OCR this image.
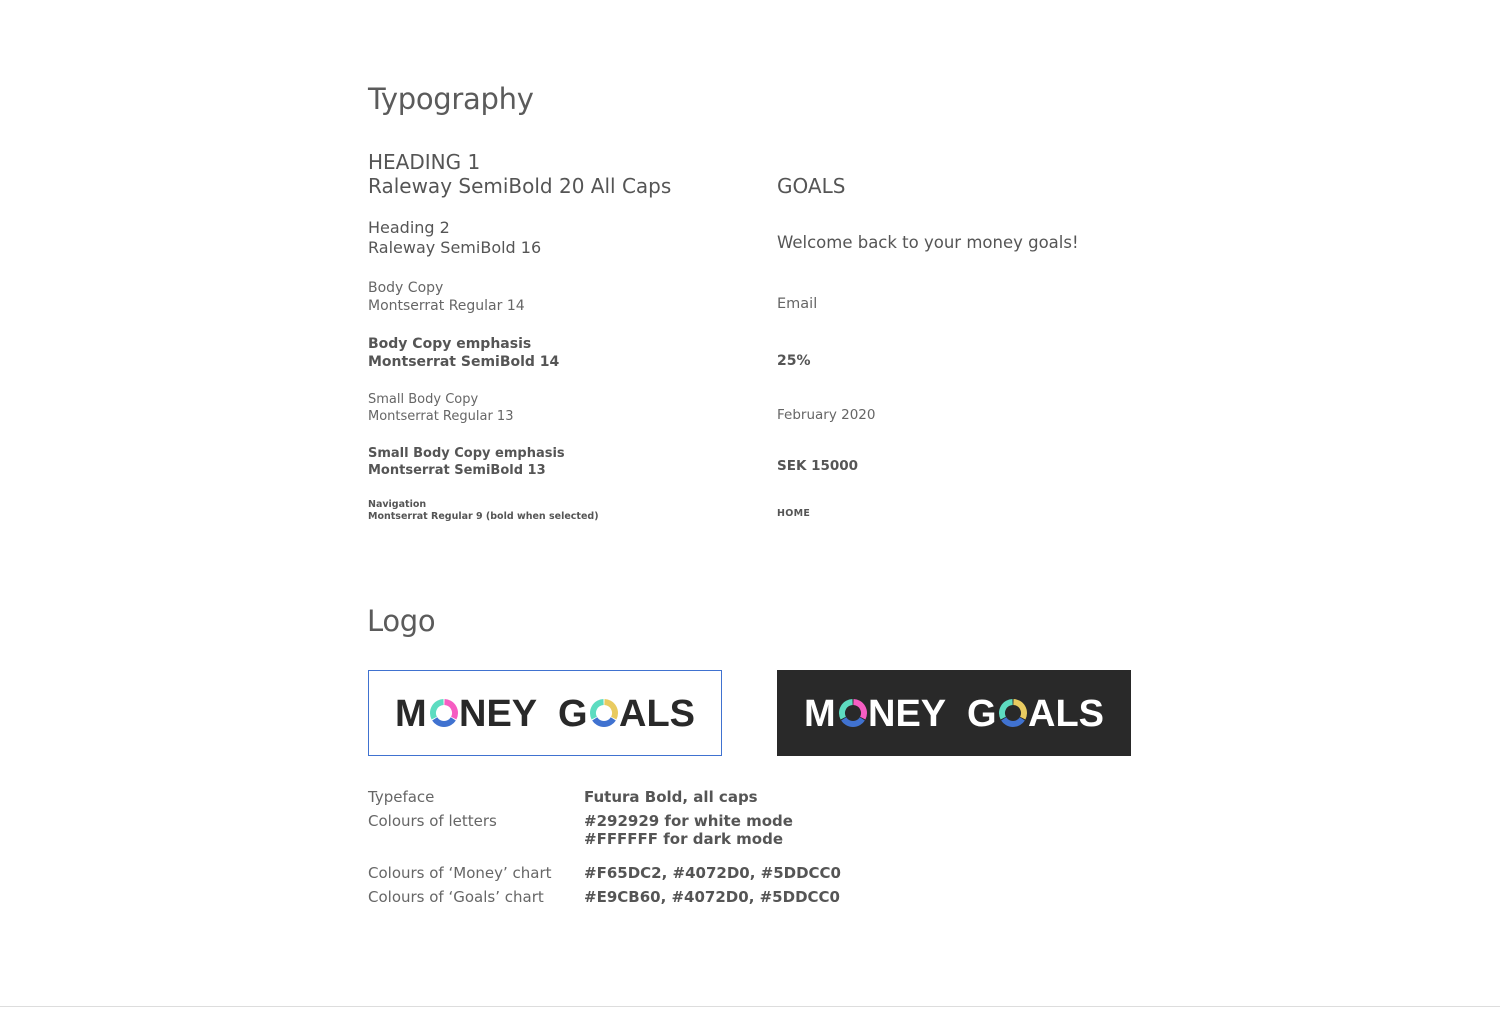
Typography
HEADING 1
Raleway SemiBold 20 All Caps	GOALS
Heading 2
Raleway SemiBold 16	Welcome back to your money goals!
Body Copy
Montserrat Regular 14	Email
Body Copy emphasis
Montserrat SemiBold 14	25%
Small Body Copy
Montserrat Regular 13	February 2020
Small Body Copy emphasis
Montserrat SemiBold 13	SEK 15000
Navigation
Montserrat Regular 9 (bold when selected)	HOME
Logo
M NEY G ALS	M NEY G ALS
Typeface	Futura Bold, all caps
Colours of letters	#292929 for white mode
#FFFFFF for dark mode
Colours of ‘Money’ chart #F65DC2, #4072D0, #5DDCC0
Colours of ‘Goals’ chart	#E9CB60, #4072D0, #5DDCC0
